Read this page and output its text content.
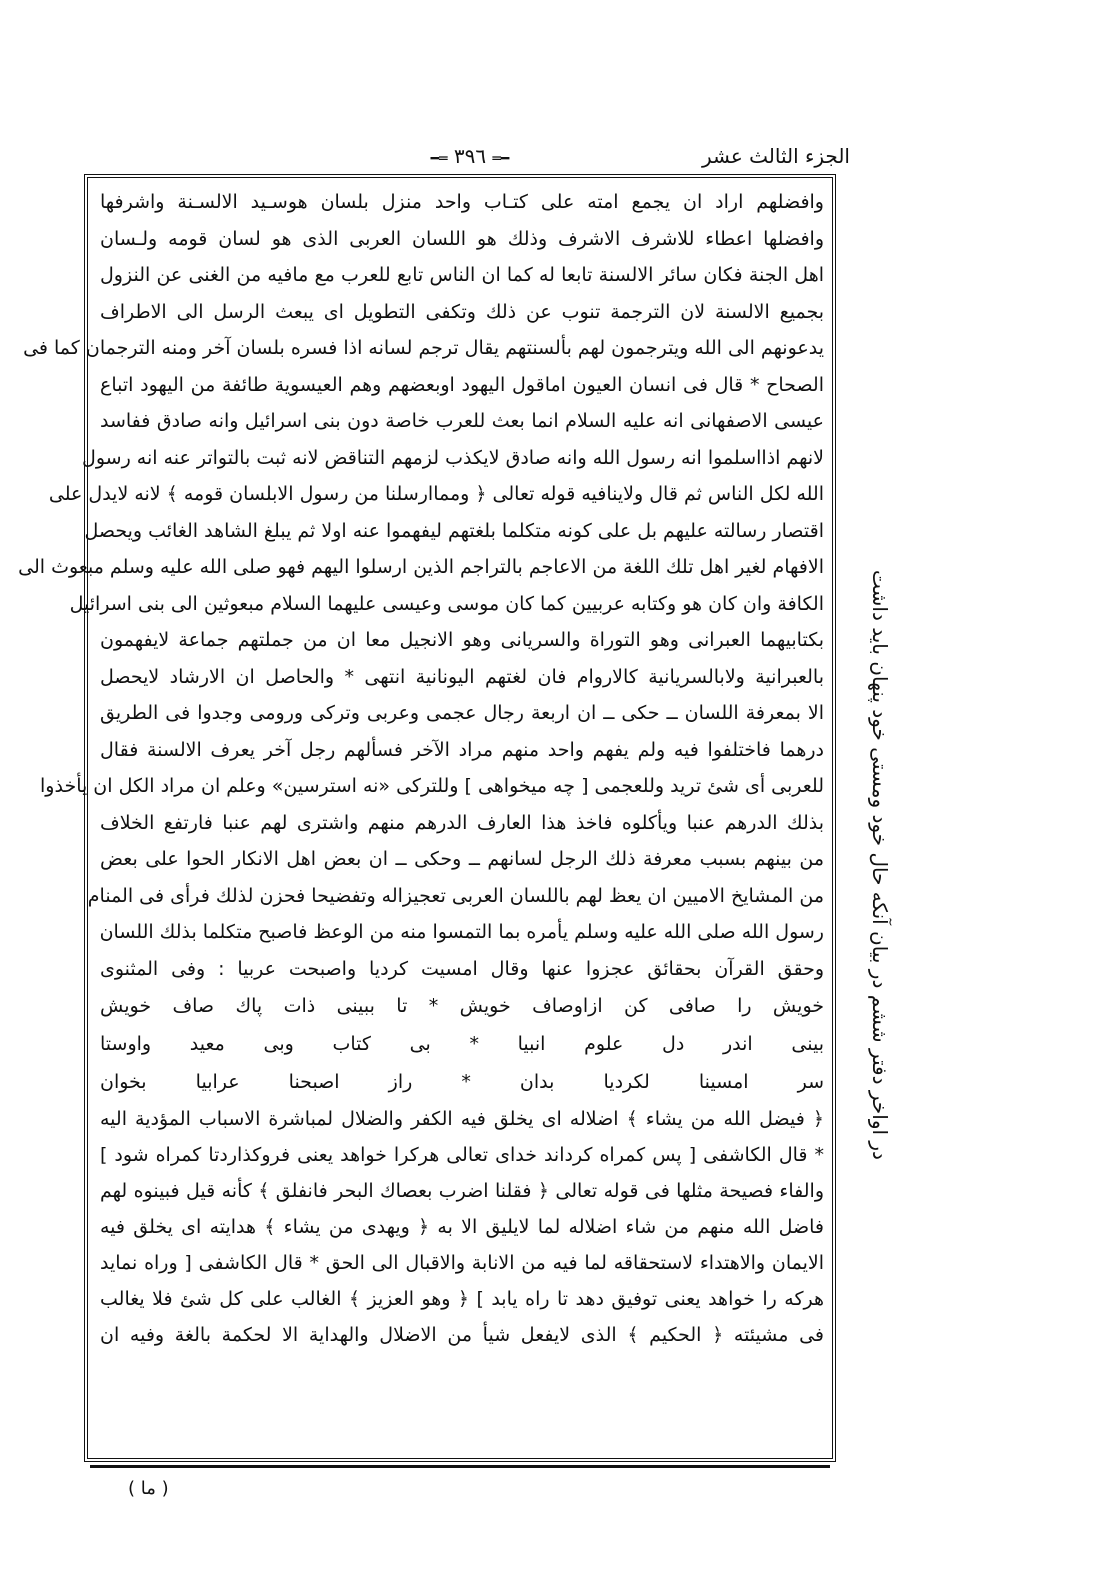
الجزء الثالث عشر
━═ ۳۹٦ ═━
وافضلهم اراد ان يجمع امته على كتـاب واحد منزل بلسان هوسـيد الالسـنة واشرفها
وافضلها اعطاء للاشرف الاشرف وذلك هو اللسان العربى الذى هو لسان قومه ولـسان
اهل الجنة فكان سائر الالسنة تابعا له كما ان الناس تابع للعرب مع مافيه من الغنى عن النزول
بجميع الالسنة لان الترجمة تنوب عن ذلك وتكفى التطويل اى يبعث الرسل الى الاطراف
يدعونهم الى الله ويترجمون لهم بألسنتهم يقال ترجم لسانه اذا فسره بلسان آخر ومنه الترجمان كما فى
الصحاح * قال فى انسان العيون اماقول اليهود اوبعضهم وهم العيسوية طائفة من اليهود اتباع
عيسى الاصفهانى انه عليه السلام انما بعث للعرب خاصة دون بنى اسرائيل وانه صادق ففاسد
لانهم اذااسلموا انه رسول الله وانه صادق لايكذب لزمهم التناقض لانه ثبت بالتواتر عنه انه رسول
الله لكل الناس ثم قال ولاينافيه قوله تعالى ﴿ ومماارسلنا من رسول الابلسان قومه ﴾ لانه لايدل على
اقتصار رسالته عليهم بل على كونه متكلما بلغتهم ليفهموا عنه اولا ثم يبلغ الشاهد الغائب ويحصل
الافهام لغير اهل تلك اللغة من الاعاجم بالتراجم الذين ارسلوا اليهم فهو صلى الله عليه وسلم مبعوث الى
الكافة وان كان هو وكتابه عربيين كما كان موسى وعيسى عليهما السلام مبعوثين الى بنى اسرائيل
بكتابيهما العبرانى وهو التوراة والسريانى وهو الانجيل معا ان من جملتهم جماعة لايفهمون
بالعبرانية ولابالسريانية كالاروام فان لغتهم اليونانية انتهى * والحاصل ان الارشاد لايحصل
الا بمعرفة اللسان ــ حكى ــ ان اربعة رجال عجمى وعربى وتركى ورومى وجدوا فى الطريق
درهما فاختلفوا فيه ولم يفهم واحد منهم مراد الآخر فسألهم رجل آخر يعرف الالسنة فقال
للعربى أى شئ تريد وللعجمى [ چه ميخواهى ] وللتركى «نه استرسين» وعلم ان مراد الكل ان يأخذوا
بذلك الدرهم عنبا ويأكلوه فاخذ هذا العارف الدرهم منهم واشترى لهم عنبا فارتفع الخلاف
من بينهم بسبب معرفة ذلك الرجل لسانهم ــ وحكى ــ ان بعض اهل الانكار الحوا على بعض
من المشايخ الاميين ان يعظ لهم باللسان العربى تعجيزاله وتفضيحا فحزن لذلك فرأى فى المنام
رسول الله صلى الله عليه وسلم يأمره بما التمسوا منه من الوعظ فاصبح متكلما بذلك اللسان
وحقق القرآن بحقائق عجزوا عنها وقال امسيت كرديا واصبحت عربيا : وفى المثنوى
خويش را صافى كن ازاوصاف خويش * تا ببينى ذات پاك صاف خويش
بينى اندر دل علوم انبيا * بى كتاب وبى معيد واوستا
سر امسينا لكرديا بدان * راز اصبحنا عرابيا بخوان
﴿ فيضل الله من يشاء ﴾ اضلاله اى يخلق فيه الكفر والضلال لمباشرة الاسباب المؤدية اليه
* قال الكاشفى [ پس كمراه كرداند خداى تعالى هركرا خواهد يعنى فروكذاردتا كمراه شود ]
والفاء فصيحة مثلها فى قوله تعالى ﴿ فقلنا اضرب بعصاك البحر فانفلق ﴾ كأنه قيل فبينوه لهم
فاضل الله منهم من شاء اضلاله لما لايليق الا به ﴿ ويهدى من يشاء ﴾ هدايته اى يخلق فيه
الايمان والاهتداء لاستحقاقه لما فيه من الانابة والاقبال الى الحق * قال الكاشفى [ وراه نمايد
هركه را خواهد يعنى توفيق دهد تا راه يابد ] ﴿ وهو العزيز ﴾ الغالب على كل شئ فلا يغالب
فى مشيئته ﴿ الحكيم ﴾ الذى لايفعل شيأ من الاضلال والهداية الا لحكمة بالغة وفيه ان
در اواخر دفتر ششم در بيان آنكه حال خود ومستى خود پنهان بايد داشت
( ما )
